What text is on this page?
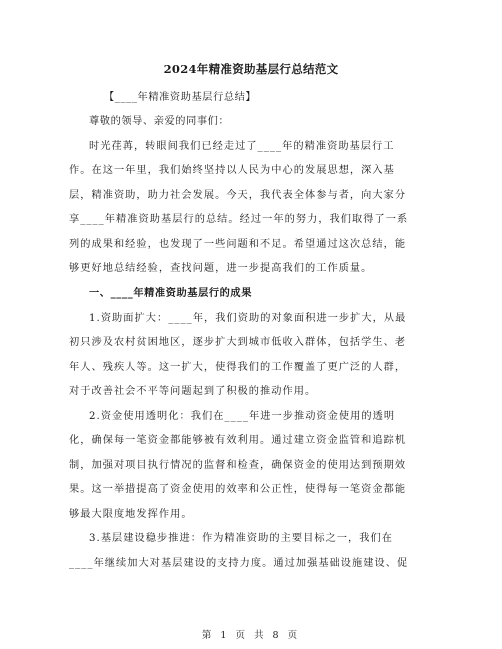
2024年精准资助基层行总结范文
【____年精准资助基层行总结】
尊敬的领导、亲爱的同事们：
时光荏苒，转眼间我们已经走过了____年的精准资助基层行工
作。在这一年里，我们始终坚持以人民为中心的发展思想，深入基
层，精准资助，助力社会发展。今天，我代表全体参与者，向大家分
享____年精准资助基层行的总结。经过一年的努力，我们取得了一系
列的成果和经验，也发现了一些问题和不足。希望通过这次总结，能
够更好地总结经验，查找问题，进一步提高我们的工作质量。
一、____年精准资助基层行的成果
1.资助面扩大：____年，我们资助的对象面积进一步扩大，从最
初只涉及农村贫困地区，逐步扩大到城市低收入群体，包括学生、老
年人、残疾人等。这一扩大，使得我们的工作覆盖了更广泛的人群，
对于改善社会不平等问题起到了积极的推动作用。
2.资金使用透明化：我们在____年进一步推动资金使用的透明
化，确保每一笔资金都能够被有效利用。通过建立资金监管和追踪机
制，加强对项目执行情况的监督和检查，确保资金的使用达到预期效
果。这一举措提高了资金使用的效率和公正性，使得每一笔资金都能
够最大限度地发挥作用。
3.基层建设稳步推进：作为精准资助的主要目标之一，我们在
____年继续加大对基层建设的支持力度。通过加强基础设施建设、促
第 1 页 共 8 页
